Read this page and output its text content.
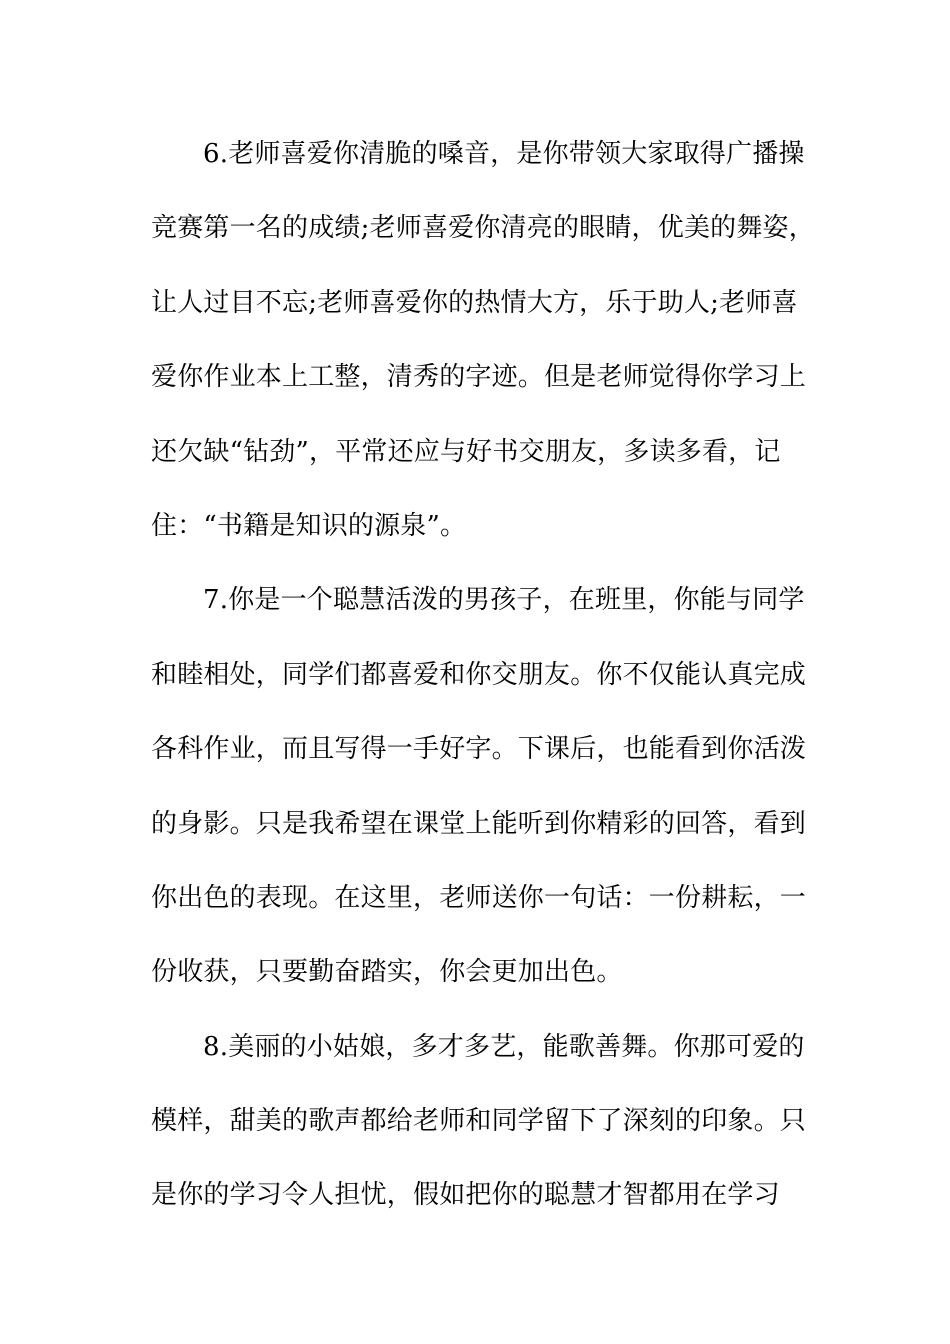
6.老师喜爱你清脆的嗓音，是你带领大家取得广播操
竞赛第一名的成绩;老师喜爱你清亮的眼睛，优美的舞姿，
让人过目不忘;老师喜爱你的热情大方，乐于助人;老师喜
爱你作业本上工整，清秀的字迹。但是老师觉得你学习上
还欠缺“钻劲”，平常还应与好书交朋友，多读多看，记
住：“书籍是知识的源泉”。
7.你是一个聪慧活泼的男孩子，在班里，你能与同学
和睦相处，同学们都喜爱和你交朋友。你不仅能认真完成
各科作业，而且写得一手好字。下课后，也能看到你活泼
的身影。只是我希望在课堂上能听到你精彩的回答，看到
你出色的表现。在这里，老师送你一句话：一份耕耘，一
份收获，只要勤奋踏实，你会更加出色。
8.美丽的小姑娘，多才多艺，能歌善舞。你那可爱的
模样，甜美的歌声都给老师和同学留下了深刻的印象。只
是你的学习令人担忧，假如把你的聪慧才智都用在学习
